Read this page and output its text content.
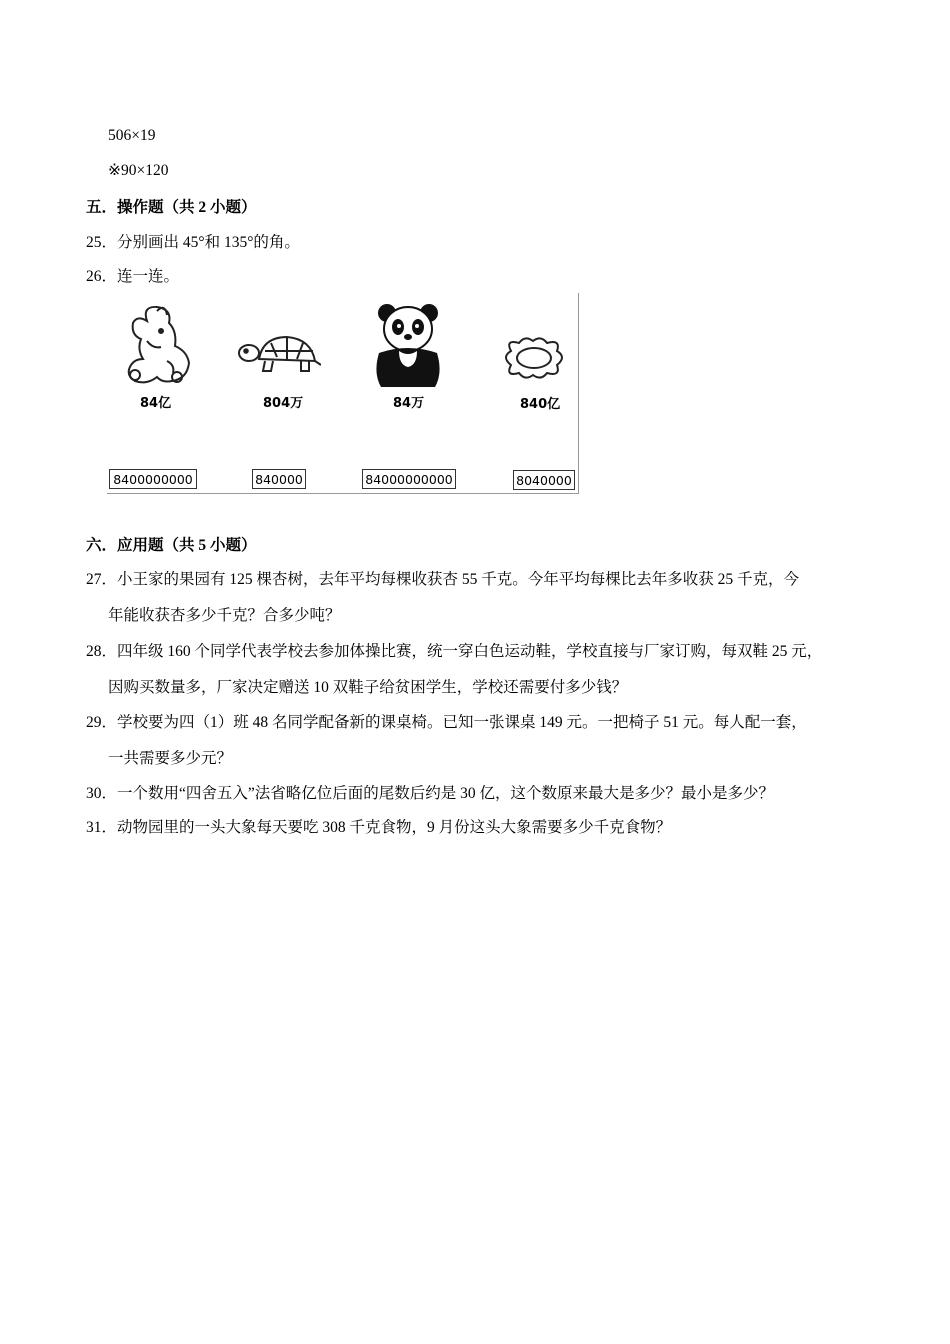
506×19
※90×120
五．操作题（共 2 小题）
25．分别画出 45°和 135°的角。
26．连一连。
84亿	804万	84万	840亿
8400000000	840000	84000000000	8040000
六．应用题（共 5 小题）
27．小王家的果园有 125 棵杏树，去年平均每棵收获杏 55 千克。今年平均每棵比去年多收获 25 千克，今
年能收获杏多少千克？合多少吨？
28．四年级 160 个同学代表学校去参加体操比赛，统一穿白色运动鞋，学校直接与厂家订购，每双鞋 25 元，
因购买数量多，厂家决定赠送 10 双鞋子给贫困学生，学校还需要付多少钱？
29．学校要为四（1）班 48 名同学配备新的课桌椅。已知一张课桌 149 元。一把椅子 51 元。每人配一套，
一共需要多少元？
30．一个数用“四舍五入”法省略亿位后面的尾数后约是 30 亿，这个数原来最大是多少？最小是多少？
31．动物园里的一头大象每天要吃 308 千克食物，9 月份这头大象需要多少千克食物？
